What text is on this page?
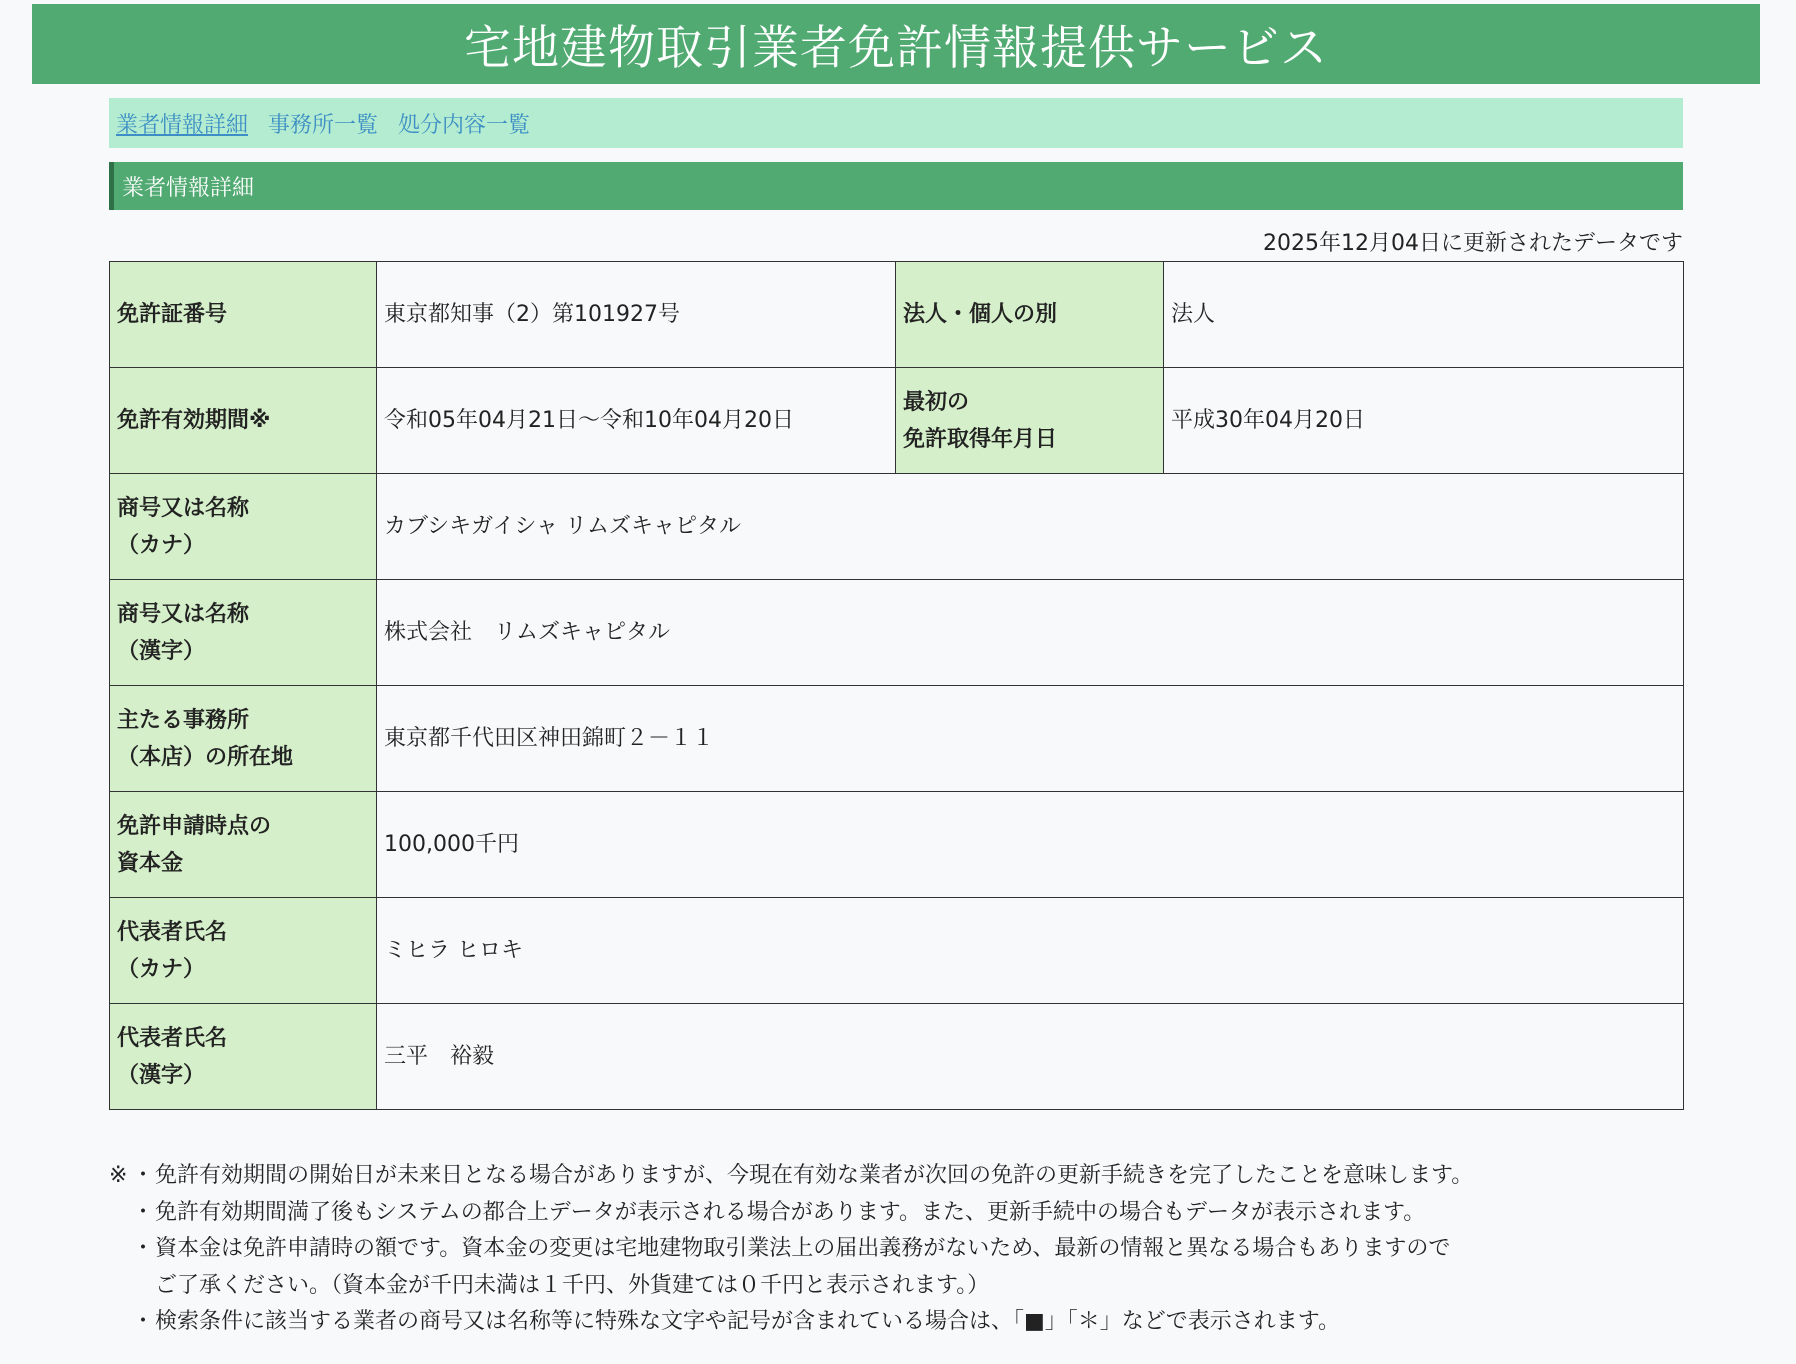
宅地建物取引業者免許情報提供サービス
業者情報詳細 事務所一覧 処分内容一覧
業者情報詳細
2025年12月04日に更新されたデータです
免許証番号	東京都知事（2）第101927号	法人・個人の別	法人
免許有効期間※	令和05年04月21日～令和10年04月20日	最初の
免許取得年月日	平成30年04月20日

商号又は名称
（カナ）	カブシキガイシャ リムズキャピタル		

商号又は名称
（漢字）	株式会社　リムズキャピタル		

主たる事務所
（本店）の所在地	東京都千代田区神田錦町２－１１		

免許申請時点の
資本金	100,000千円		

代表者氏名
（カナ）	ミヒラ ヒロキ		

代表者氏名
（漢字）	三平　裕毅		
※ ・ 免許有効期間の開始日が未来日となる場合がありますが、今現在有効な業者が次回の免許の更新手続きを完了したことを意味します。
・ 免許有効期間満了後もシステムの都合上データが表示される場合があります。また、更新手続中の場合もデータが表示されます。
・ 資本金は免許申請時の額です。資本金の変更は宅地建物取引業法上の届出義務がないため、最新の情報と異なる場合もありますので
ご了承ください。（資本金が千円未満は１千円、外貨建ては０千円と表示されます。）
・ 検索条件に該当する業者の商号又は名称等に特殊な文字や記号が含まれている場合は、「■」「＊」などで表示されます。
